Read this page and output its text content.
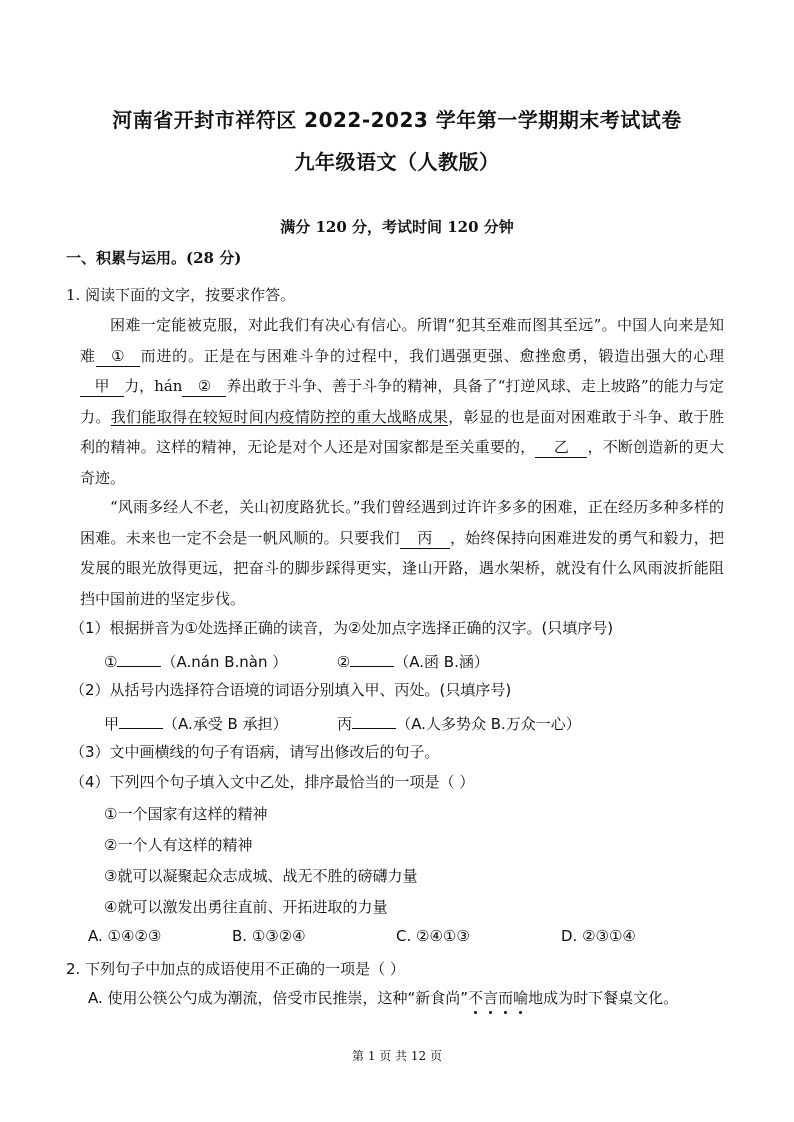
河南省开封市祥符区 2022-2023 学年第一学期期末考试试卷
九年级语文（人教版）
满分 120 分，考试时间 120 分钟
一、积累与运用。(28 分)
1. 阅读下面的文字，按要求作答。
困难一定能被克服，对此我们有决心有信心。所谓“犯其至难而图其至远”。中国人向来是知难 ① 而进的。正是在与困难斗争的过程中，我们遇强更强、愈挫愈勇，锻造出强大的心理甲 力，hán ② 养出敢于斗争、善于斗争的精神，具备了“打逆风球、走上坡路”的能力与定力。我们能取得在较短时间内疫情防控的重大战略成果，彰显的也是面对困难敢于斗争、敢于胜利的精神。这样的精神，无论是对个人还是对国家都是至关重要的， 乙 ，不断创造新的更大奇迹。
“风雨多经人不老，关山初度路犹长。”我们曾经遇到过许许多多的困难，正在经历多种多样的困难。未来也一定不会是一帆风顺的。只要我们 丙 ，始终保持向困难进发的勇气和毅力，把发展的眼光放得更远，把奋斗的脚步踩得更实，逢山开路，遇水架桥，就没有什么风雨波折能阻挡中国前进的坚定步伐。
（1）根据拼音为①处选择正确的读音，为②处加点字选择正确的汉字。(只填序号)
①	（A.nán B.nàn ）	②	（A.函 B.涵）
（2）从括号内选择符合语境的词语分别填入甲、丙处。(只填序号)
甲	（A.承受 B 承担）	丙	（A.人多势众 B.万众一心）
（3）文中画横线的句子有语病，请写出修改后的句子。
（4）下列四个句子填入文中乙处，排序最恰当的一项是（ ）
①一个国家有这样的精神
②一个人有这样的精神
③就可以凝聚起众志成城、战无不胜的磅礴力量
④就可以激发出勇往直前、开拓进取的力量
A. ①④②③	B. ①③②④	C. ②④①③	D. ②③①④
2. 下列句子中加点的成语使用不正确的一项是（ ）
A. 使用公筷公勺成为潮流，倍受市民推崇，这种“新食尚”不言而喻地成为时下餐桌文化。
第 1 页 共 12 页
